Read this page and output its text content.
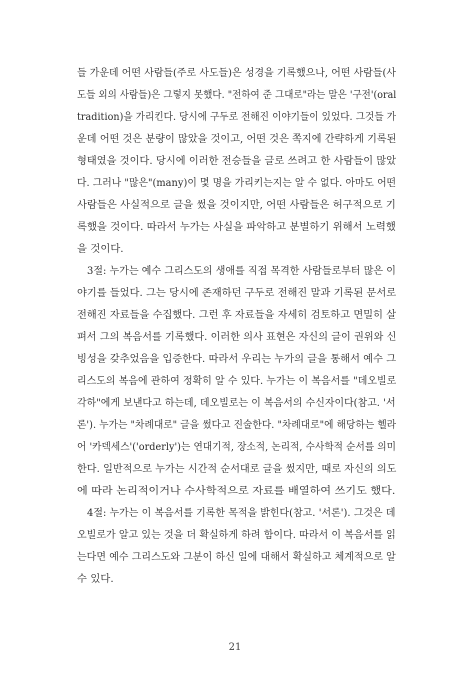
들 가운데 어떤 사람들(주로 사도들)은 성경을 기록했으나, 어떤 사람들(사
도들 외의 사람들)은 그렇지 못했다. "전하여 준 그대로"라는 말은 '구전'(oral
tradition)을 가리킨다. 당시에 구두로 전해진 이야기들이 있었다. 그것들 가
운데 어떤 것은 분량이 많았을 것이고, 어떤 것은 쪽지에 간략하게 기록된
형태였을 것이다. 당시에 이러한 전승들을 글로 쓰려고 한 사람들이 많았
다. 그러나 "많은"(many)이 몇 명을 가리키는지는 알 수 없다. 아마도 어떤
사람들은 사실적으로 글을 썼을 것이지만, 어떤 사람들은 허구적으로 기
록했을 것이다. 따라서 누가는 사실을 파악하고 분별하기 위해서 노력했
을 것이다.
3절: 누가는 예수 그리스도의 생애를 직접 목격한 사람들로부터 많은 이
야기를 들었다. 그는 당시에 존재하던 구두로 전해진 말과 기록된 문서로
전해진 자료들을 수집했다. 그런 후 자료들을 자세히 검토하고 면밀히 살
펴서 그의 복음서를 기록했다. 이러한 의사 표현은 자신의 글이 권위와 신
빙성을 갖추었음을 입증한다. 따라서 우리는 누가의 글을 통해서 예수 그
리스도의 복음에 관하여 정확히 알 수 있다. 누가는 이 복음서를 "데오빌로
각하"에게 보낸다고 하는데, 데오빌로는 이 복음서의 수신자이다(참고. '서
론'). 누가는 "차례대로" 글을 썼다고 진술한다. "차례대로"에 해당하는 헬라
어 '카덱세스'('orderly')는 연대기적, 장소적, 논리적, 수사학적 순서를 의미
한다. 일반적으로 누가는 시간적 순서대로 글을 썼지만, 때로 자신의 의도
에 따라 논리적이거나 수사학적으로 자료를 배열하여 쓰기도 했다.
4절: 누가는 이 복음서를 기록한 목적을 밝힌다(참고. '서론'). 그것은 데
오빌로가 알고 있는 것을 더 확실하게 하려 함이다. 따라서 이 복음서를 읽
는다면 예수 그리스도와 그분이 하신 일에 대해서 확실하고 체계적으로 알
수 있다.
21
